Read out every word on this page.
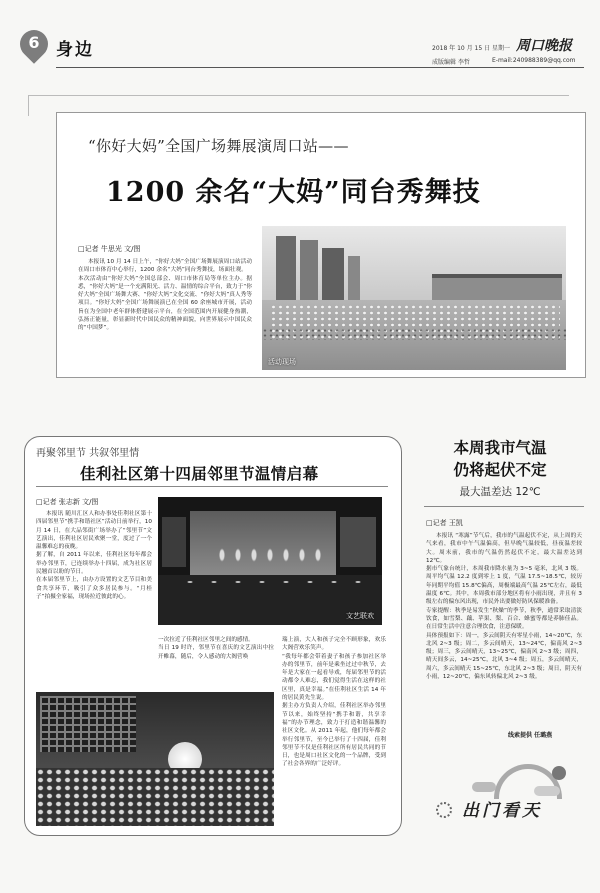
6 身边	2018 年 10 月 15 日 星期一 周口晚报
成版编辑 李哲	E-mail:240988389@qq.com
“你好大妈”全国广场舞展演周口站——
1200 余名“大妈”同台秀舞技
□记者 牛思光 文/图
本报讯 10 月 14 日上午，“你好大妈”全国广场舞展演周口站活动在周口市体育中心举行，1200 余名“大妈”同台秀舞技，场面壮观。
本次活动由“你好大妈”全国总部会、周口市体育局等单位主办。据悉，“你好大妈”是一个充满阳光、活力、温情的综合平台，致力于“你好大妈”全国广场舞大赛、“你好大妈”文化交流、“你好大妈”真人秀等项目。“你好大妈”全国广场舞展演已在全国 60 余座城市开展，活动旨在为全国中老年群体搭建展示平台，在全国范围内开展健身热潮，弘扬正能量，彰显新时代中国民众的精神面貌，向世界展示中国民众的“中国梦”。
活动现场
再聚邻里节 共叙邻里情
佳利社区第十四届邻里节温情启幕
□记者 张志新 文/图
本报讯 随川汇区人和办事处佳利社区第十四届邻里节“携手和谐社区”活动日前举行，10 月 14 日，在大品邻街广场举办了“邻里节”文艺演出，佳利社区居民欢聚一堂，度过了一个温馨难忘的夜晚。
据了解，自 2011 年以来，佳利社区每年都会举办邻里节，已连续举办十四届，成为社区居民翘首以盼的节日。
在本届邻里节上，由办方设置的文艺节目和美食共享环节，吸引了众多居民参与。“月桂子”拍摄全家福，现场拉近彼此的心。
文艺联欢
一次拉近了佳利社区邻里之间的感情。
当日 19 时许，邻里节在喜庆的文艺演出中拉开帷幕，随后，令人感动的大阁营唤
瑞上演，大人和孩子完全不顾形象，欢乐大阁营欢乐笑声。
“我每年都会带着妻子和孩子参加社区举办的邻里节，前年是乘坐过过中秋节，去年是大家在一起看导戏，每届邻里节的活动都令人难忘，我们觉得生活在这样的社区里，真是幸福。”在佳利社区生活 14 年的居民黄先生说。
据主办方负责人介绍，佳利社区举办邻里节以来，始终坚持“携手和谐，共享幸福”的办节理念，致力于打造和谐温馨的社区文化。从 2011 年起，他们每年都会举行邻里节，至今已举行了十四届，佳利邻里节不仅是佳利社区所有居民共同的节日，也是周口社区文化的一个品牌，受到了社会各界的广泛好评。
本周我市气温
仍将起伏不定
最大温差达 12℃
□记者 王凯
本报讯 “寒露”节气后，我市的气温起伏不定，从上周的天气来看，我市中午气温偏高，但早晚气温较低，昼夜温差较大。周末前，我市的气温仍然起伏不定，最大温差达到 12℃。
据市气象台统计，本周我市降水量为 3~5 毫米，北风 3 级。周平均气温 12.2 度到零上 1 度，气温 17.5~18.5℃，较历年同期平均值 15.8℃偏高，周极端最高气温 25℃左右，最低温度 6℃。其中，本周我市部分地区将有小雨出现，并且有 3 级左右的偏东风出现，市民外出要做好防风保暖准备。
专家提醒：秋季是易发生“秋燥”的季节，秋季，通常采取清淡饮食，如雪梨、藕、苹果、梨、百合、蜂蜜等都是养肺佳品。在日常生活中注意合理饮食，注意保暖。
具体预报如下：周一，多云间阴天有零星小雨，14~20℃，东北风 2~3 级；周二，多云间晴天，13~24℃，偏南风 2~3 级；周三，多云间晴天，13~25℃，偏南风 2~3 级；周四，晴天间多云，14~25℃，北风 3~4 级；周五，多云间晴天，周六，多云间晴天 15~25℃，东北风 2~3 级；周日，阴天有小雨，12~20℃，偏东风转偏北风 2~3 级。
线索提供 任璐燕
出门看天
